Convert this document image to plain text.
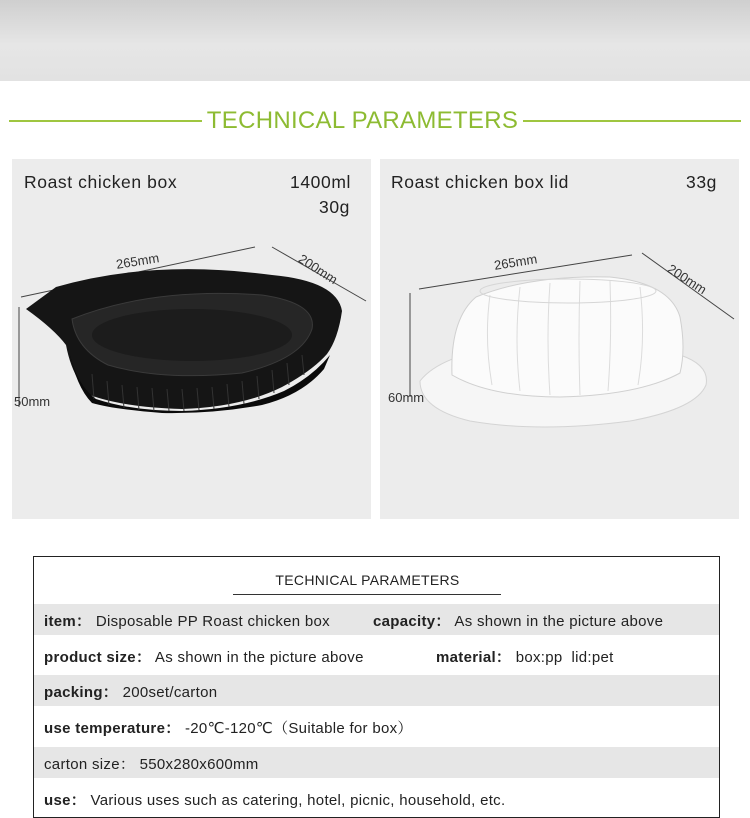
TECHNICAL PARAMETERS
Roast chicken box	1400ml
30g
265mm	200mm
50mm
Roast chicken box lid	33g
265mm	200mm
60mm
TECHNICAL PARAMETERS
item： Disposable PP Roast chicken box	capacity： As shown in the picture above
product size： As shown in the picture above	material： box:pp  lid:pet
packing： 200set/carton
use temperature： -20℃-120℃（Suitable for box）
carton size： 550x280x600mm
use： Various uses such as catering, hotel, picnic, household, etc.
